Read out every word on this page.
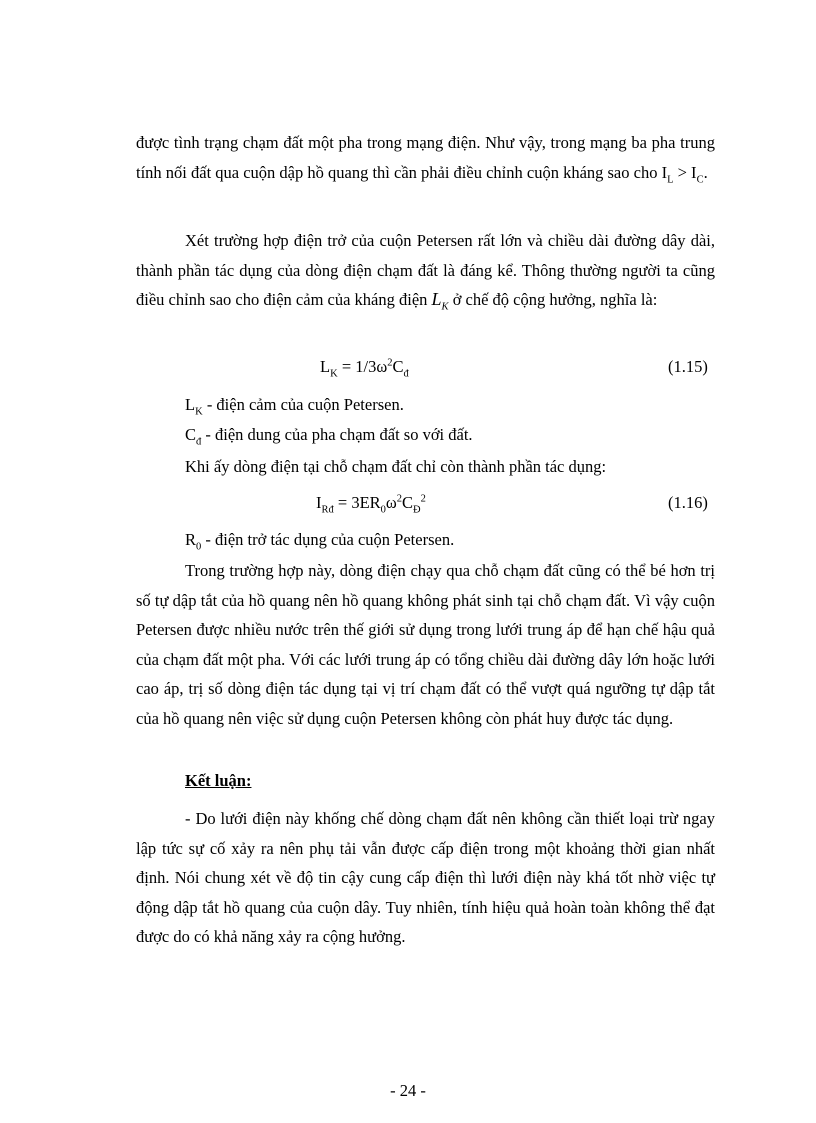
được tình trạng chạm đất một pha trong mạng điện. Như vậy, trong mạng ba pha trung tính nối đất qua cuộn dập hồ quang thì cần phải điều chỉnh cuộn kháng sao cho $I_L > I_C$.

Xét trường hợp điện trở của cuộn Petersen rất lớn và chiều dài đường dây dài, thành phần tác dụng của dòng điện chạm đất là đáng kể. Thông thường người ta cũng điều chỉnh sao cho điện cảm của kháng điện $L_K$ ở chế độ cộng hưởng, nghĩa là:

$L_K = 1/3\omega^2C_đ$	(1.15)
$L_K$ - điện cảm của cuộn Petersen.
$C_đ$ - điện dung của pha chạm đất so với đất.
Khi ấy dòng điện tại chỗ chạm đất chỉ còn thành phần tác dụng:
$I_{Rđ} = 3ER_0\omega^2C_Đ^2$	(1.16)
$R_0$ - điện trở tác dụng của cuộn Petersen.

Trong trường hợp này, dòng điện chạy qua chỗ chạm đất cũng có thể bé hơn trị số tự dập tắt của hồ quang nên hồ quang không phát sinh tại chỗ chạm đất. Vì vậy cuộn Petersen được nhiều nước trên thế giới sử dụng trong lưới trung áp để hạn chế hậu quả của chạm đất một pha. Với các lưới trung áp có tổng chiều dài đường dây lớn hoặc lưới cao áp, trị số dòng điện tác dụng tại vị trí chạm đất có thể vượt quá ngưỡng tự dập tắt của hồ quang nên việc sử dụng cuộn Petersen không còn phát huy được tác dụng.

Kết luận:

- Do lưới điện này khống chế dòng chạm đất nên không cần thiết loại trừ ngay lập tức sự cố xảy ra nên phụ tải vẫn được cấp điện trong một khoảng thời gian nhất định. Nói chung xét về độ tin cậy cung cấp điện thì lưới điện này khá tốt nhờ việc tự động dập tắt hồ quang của cuộn dây. Tuy nhiên, tính hiệu quả hoàn toàn không thể đạt được do có khả năng xảy ra cộng hưởng.

- 24 -
